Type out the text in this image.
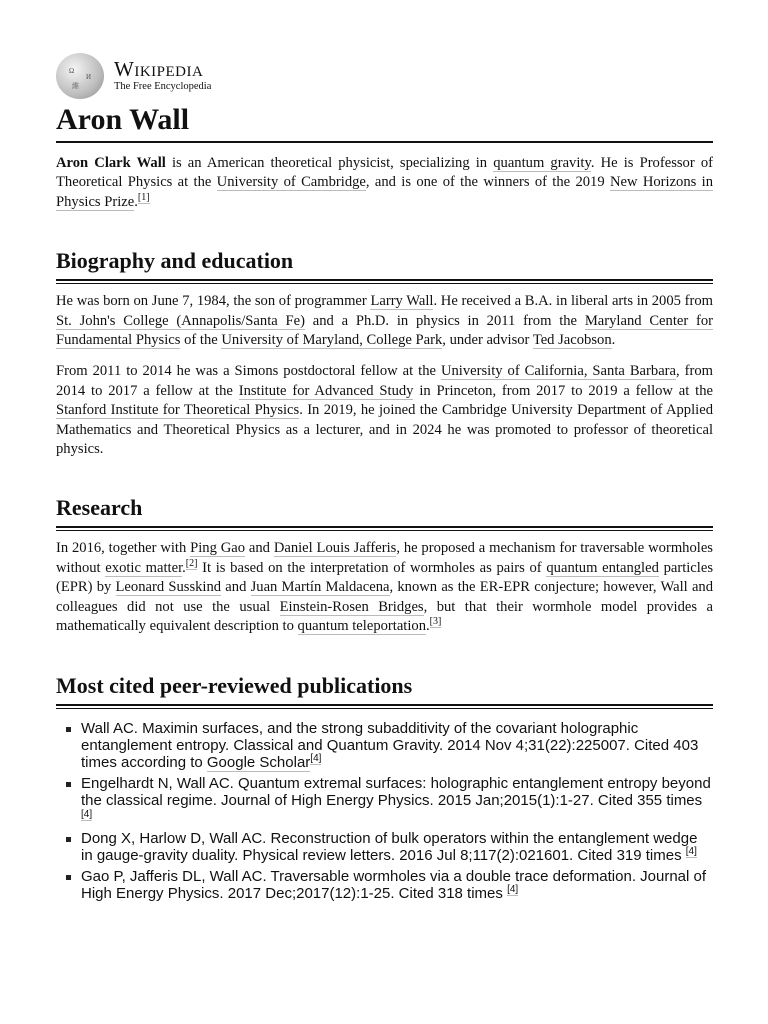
Ω
И
維
Wikipedia
The Free Encyclopedia
Aron Wall

Aron Clark Wall is an American theoretical physicist, specializing in quantum gravity. He is Professor of Theoretical Physics at the University of Cambridge, and is one of the winners of the 2019 New Horizons in Physics Prize.[1]

Biography and education

He was born on June 7, 1984, the son of programmer Larry Wall. He received a B.A. in liberal arts in 2005 from St. John's College (Annapolis/Santa Fe) and a Ph.D. in physics in 2011 from the Maryland Center for Fundamental Physics of the University of Maryland, College Park, under advisor Ted Jacobson.

From 2011 to 2014 he was a Simons postdoctoral fellow at the University of California, Santa Barbara, from 2014 to 2017 a fellow at the Institute for Advanced Study in Princeton, from 2017 to 2019 a fellow at the Stanford Institute for Theoretical Physics. In 2019, he joined the Cambridge University Department of Applied Mathematics and Theoretical Physics as a lecturer, and in 2024 he was promoted to professor of theoretical physics.

Research

In 2016, together with Ping Gao and Daniel Louis Jafferis, he proposed a mechanism for traversable wormholes without exotic matter.[2] It is based on the interpretation of wormholes as pairs of quantum entangled particles (EPR) by Leonard Susskind and Juan Martín Maldacena, known as the ER-EPR conjecture; however, Wall and colleagues did not use the usual Einstein-Rosen Bridges, but that their wormhole model provides a mathematically equivalent description to quantum teleportation.[3]

Most cited peer-reviewed publications
Wall AC. Maximin surfaces, and the strong subadditivity of the covariant holographic entanglement entropy. Classical and Quantum Gravity. 2014 Nov 4;31(22):225007. Cited 403 times according to Google Scholar[4]
Engelhardt N, Wall AC. Quantum extremal surfaces: holographic entanglement entropy beyond the classical regime. Journal of High Energy Physics. 2015 Jan;2015(1):1-27. Cited 355 times [4]
Dong X, Harlow D, Wall AC. Reconstruction of bulk operators within the entanglement wedge in gauge-gravity duality. Physical review letters. 2016 Jul 8;117(2):021601. Cited 319 times [4]
Gao P, Jafferis DL, Wall AC. Traversable wormholes via a double trace deformation. Journal of High Energy Physics. 2017 Dec;2017(12):1-25. Cited 318 times [4]
